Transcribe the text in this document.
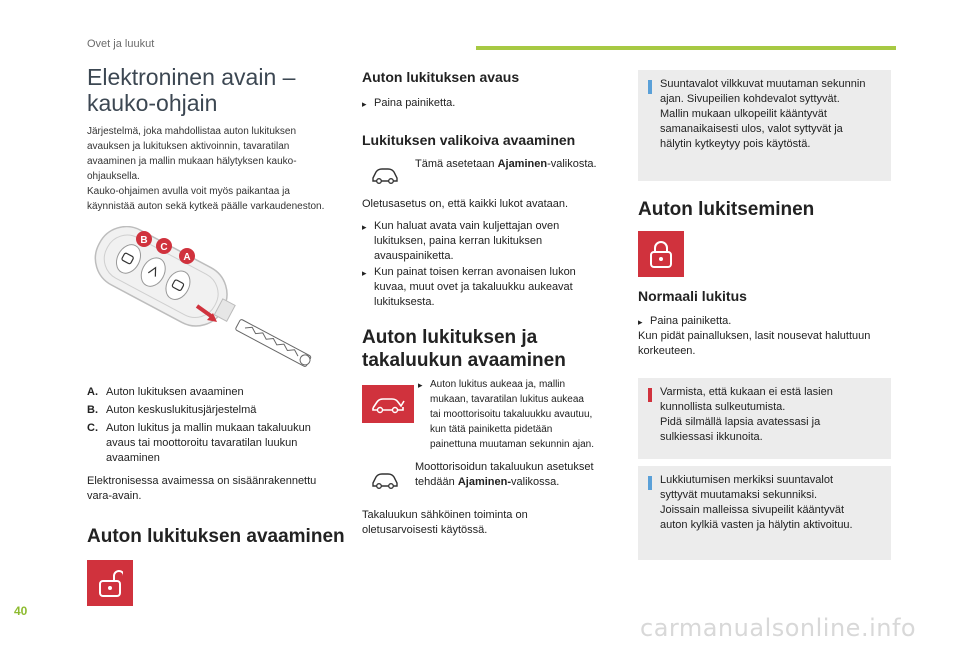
Ovet ja luukut
Elektroninen avain –
kauko-ohjain
Järjestelmä, joka mahdollistaa auton lukituksen
avauksen ja lukituksen aktivoinnin, tavaratilan
avaaminen ja mallin mukaan hälytyksen kauko-
ohjauksella.
Kauko-ohjaimen avulla voit myös paikantaa ja
käynnistää auton sekä kytkeä päälle varkaudeneston.
B
C
A
A. Auton lukituksen avaaminen
B. Auton keskuslukitusjärjestelmä
C. Auton lukitus ja mallin mukaan takaluukun
avaus tai moottoroitu tavaratilan luukun
avaaminen
Elektronisessa avaimessa on sisäänrakennettu
vara-avain.
Auton lukituksen avaaminen
Auton lukituksen avaus
▸ Paina painiketta.
Lukituksen valikoiva avaaminen
Tämä asetetaan Ajaminen-valikosta.
Oletusasetus on, että kaikki lukot avataan.
▸ Kun haluat avata vain kuljettajan oven
lukituksen, paina kerran lukituksen
avauspainiketta.
▸ Kun painat toisen kerran avonaisen lukon
kuvaa, muut ovet ja takaluukku aukeavat
lukituksesta.
Auton lukituksen ja
takaluukun avaaminen
▸ Auton lukitus aukeaa ja, mallin
mukaan, tavaratilan lukitus aukeaa
tai moottorisoitu takaluukku avautuu,
kun tätä painiketta pidetään
painettuna muutaman sekunnin ajan.
Moottorisoidun takaluukun asetukset
tehdään Ajaminen-valikossa.
Takaluukun sähköinen toiminta on
oletusarvoisesti käytössä.
Suuntavalot vilkkuvat muutaman sekunnin
ajan. Sivupeilien kohdevalot syttyvät.
Mallin mukaan ulkopeilit kääntyvät
samanaikaisesti ulos, valot syttyvät ja
hälytin kytkeytyy pois käytöstä.
Auton lukitseminen
Normaali lukitus
▸ Paina painiketta.
Kun pidät painalluksen, lasit nousevat haluttuun
korkeuteen.
Varmista, että kukaan ei estä lasien
kunnollista sulkeutumista.
Pidä silmällä lapsia avatessasi ja
sulkiessasi ikkunoita.
Lukkiutumisen merkiksi suuntavalot
syttyvät muutamaksi sekunniksi.
Joissain malleissa sivupeilit kääntyvät
auton kylkiä vasten ja hälytin aktivoituu.
40
carmanualsonline.info
